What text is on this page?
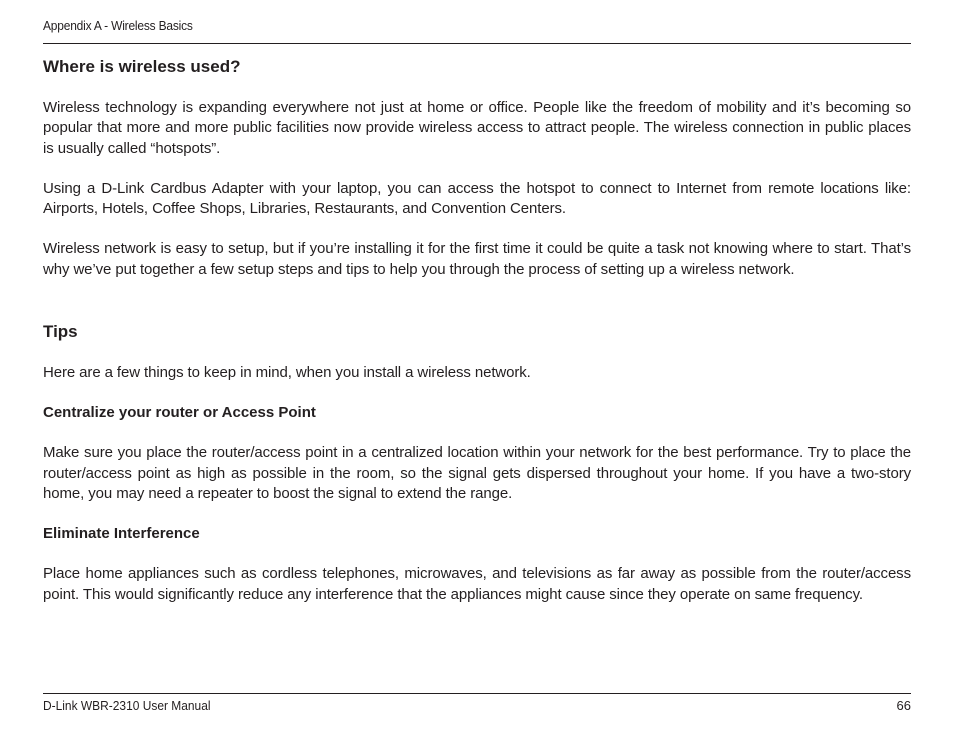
Appendix A - Wireless Basics
Where is wireless used?

Wireless technology is expanding everywhere not just at home or office. People like the freedom of mobility and it’s becoming so popular that more and more public facilities now provide wireless access to attract people. The wireless connection in public places is usually called “hotspots”.

Using a D-Link Cardbus Adapter with your laptop, you can access the hotspot to connect to Internet from remote locations like: Airports, Hotels, Coffee Shops, Libraries, Restaurants, and Convention Centers.

Wireless network is easy to setup, but if you’re installing it for the first time it could be quite a task not knowing where to start. That’s why we’ve put together a few setup steps and tips to help you through the process of setting up a wireless network.

Tips

Here are a few things to keep in mind, when you install a wireless network.

Centralize your router or Access Point

Make sure you place the router/access point in a centralized location within your network for the best performance. Try to place the router/access point as high as possible in the room, so the signal gets dispersed throughout your home. If you have a two-story home, you may need a repeater to boost the signal to extend the range.

Eliminate Interference

Place home appliances such as cordless telephones, microwaves, and televisions as far away as possible from the router/access point. This would significantly reduce any interference that the appliances might cause since they operate on same frequency.

D-Link WBR-2310 User Manual	66
